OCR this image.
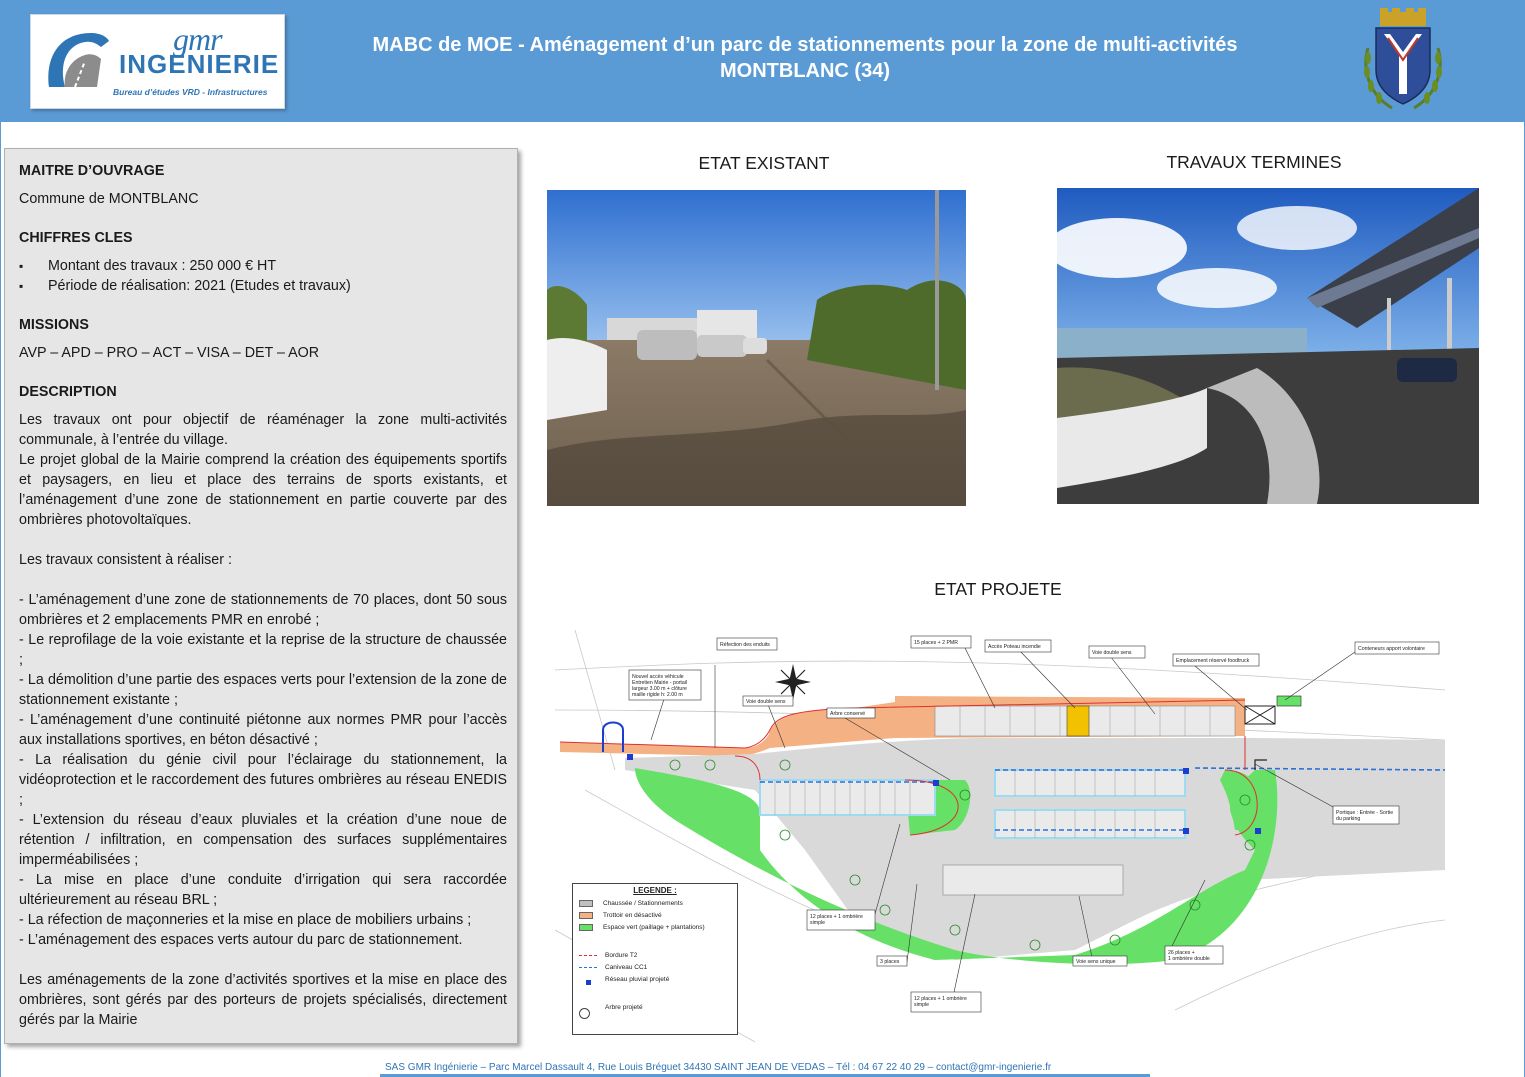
gmr
INGENIERIE
Bureau d’études VRD - Infrastructures
MABC de MOE - Aménagement d’un parc de stationnements pour la zone de multi-activités
MONTBLANC (34)
MAITRE D’OUVRAGE

Commune de MONTBLANC

CHIFFRES CLES
▪ Montant des travaux : 250 000 € HT
▪ Période de réalisation: 2021 (Etudes et travaux)
MISSIONS

AVP – APD – PRO – ACT – VISA – DET – AOR

DESCRIPTION

Les travaux ont pour objectif de réaménager la zone multi-activités communale, à l’entrée du village.

Le projet global de la Mairie comprend la création des équipements sportifs et paysagers, en lieu et place des terrains de sports existants, et l’aménagement d’une zone de stationnement en partie couverte par des ombrières photovoltaïques.

Les travaux consistent à réaliser :

- L’aménagement d’une zone de stationnements de 70 places, dont 50 sous ombrières et 2 emplacements PMR en enrobé ;

- Le reprofilage de la voie existante et la reprise de la structure de chaussée ;

- La démolition d’une partie des espaces verts pour l’extension de la zone de stationnement existante ;

- L’aménagement d’une continuité piétonne aux normes PMR pour l’accès aux installations sportives, en béton désactivé ;

- La réalisation du génie civil pour l’éclairage du stationnement, la vidéoprotection et le raccordement des futures ombrières au réseau ENEDIS ;

- L’extension du réseau d’eaux pluviales et la création d’une noue de rétention / infiltration, en compensation des surfaces supplémentaires imperméabilisées ;

- La mise en place d’une conduite d’irrigation qui sera raccordée ultérieurement au réseau BRL ;

- La réfection de maçonneries et la mise en place de mobiliers urbains ;

- L’aménagement des espaces verts autour du parc de stationnement.

Les aménagements de la zone d’activités sportives et la mise en place des ombrières, sont gérés par des porteurs de projets spécialisés, directement gérés par la Mairie

ETAT EXISTANT	TRAVAUX TERMINES
ETAT PROJETE
Réfection des enduits
Nouvel accès véhicule Entretien Mairie - portail largeur 3.00 m + clôture maille rigide h: 2.00 m
Voie double sens
15 places + 2 PMR
Accès Poteau incendie
Voie double sens
Emplacement réservé foodtruck
Conteneurs apport volontaire
Arbre conservé
Portique : Entrée - Sortie du parking
12 places + 1 ombrière simple
3 places	Voie sens unique
26 places + 1 ombrière double
12 places + 1 ombrière simple
LEGENDE :
Chaussée / Stationnements
Trottoir en désactivé
Espace vert (paillage + plantations)
Bordure T2
Caniveau CC1
Réseau pluvial projeté
Arbre projeté
SAS GMR Ingénierie – Parc Marcel Dassault 4, Rue Louis Bréguet 34430 SAINT JEAN DE VEDAS – Tél : 04 67 22 40 29 – contact@gmr-ingenierie.fr
